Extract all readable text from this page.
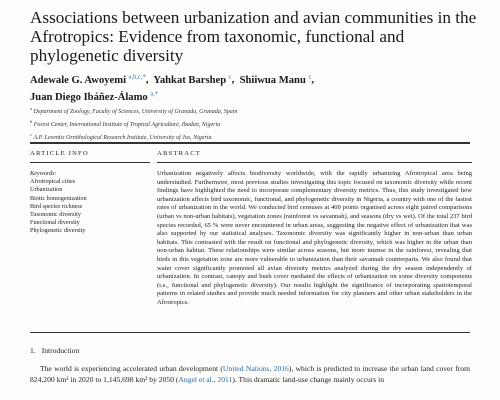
Associations between urbanization and avian communities in the Afrotropics: Evidence from taxonomic, functional and phylogenetic diversity
Adewale G. Awoyemi $^{a,b,c,*}$,  Yahkat Barshep $^c$,  Shiiwua Manu $^c$,
Juan Diego Ibáñez-Álamo $^{a,*}$
$^a$ Department of Zoology, Faculty of Sciences, University of Granada, Granada, Spain
$^b$ Forest Center, International Institute of Tropical Agriculture, Ibadan, Nigeria
$^c$ A.P. Leventis Ornithological Research Institute, University of Jos, Nigeria
ARTICLE INFO	ABSTRACT
Keywords:
Afrotropical cities
Urbanization
Biotic homogenization
Bird species richness
Taxonomic diversity
Functional diversity
Phylogenetic diversity
Urbanization negatively affects biodiversity worldwide, with the rapidly urbanizing Afrotropical area being understudied. Furthermore, most previous studies investigating this topic focused on taxonomic diversity while recent findings have highlighted the need to incorporate complementary diversity metrics. Thus, this study investigated how urbanization affects bird taxonomic, functional, and phylogenetic diversity in Nigeria, a country with one of the fastest rates of urbanization in the world. We conducted bird censuses at 400 points organised across eight paired comparisons (urban vs non-urban habitats), vegetation zones (rainforest vs savannah), and seasons (dry vs wet). Of the total 237 bird species recorded, 65 % were never encountered in urban areas, suggesting the negative effect of urbanization that was also supported by our statistical analyses. Taxonomic diversity was significantly higher in non-urban than urban habitats. This contrasted with the result on functional and phylogenetic diversity, which was higher in the urban than non-urban habitat. These relationships were similar across seasons, but more intense in the rainforest, revealing that birds in this vegetation zone are more vulnerable to urbanization than their savannah counterparts. We also found that water cover significantly promoted all avian diversity metrics analyzed during the dry season independently of urbanization. In contrast, canopy and bush cover mediated the effects of urbanization on some diversity components (i.e., functional and phylogenetic diversity). Our results highlight the significance of incorporating spatiotemporal patterns in related studies and provide much needed information for city planners and other urban stakeholders in the Afrotropics.
1. Introduction
The world is experiencing accelerated urban development (United Nations, 2016), which is predicted to increase the urban land cover from 824,200 km² in 2020 to 1,145,698 km² by 2050 (Angel et al., 2011). This dramatic land-use change mainly occurs in
